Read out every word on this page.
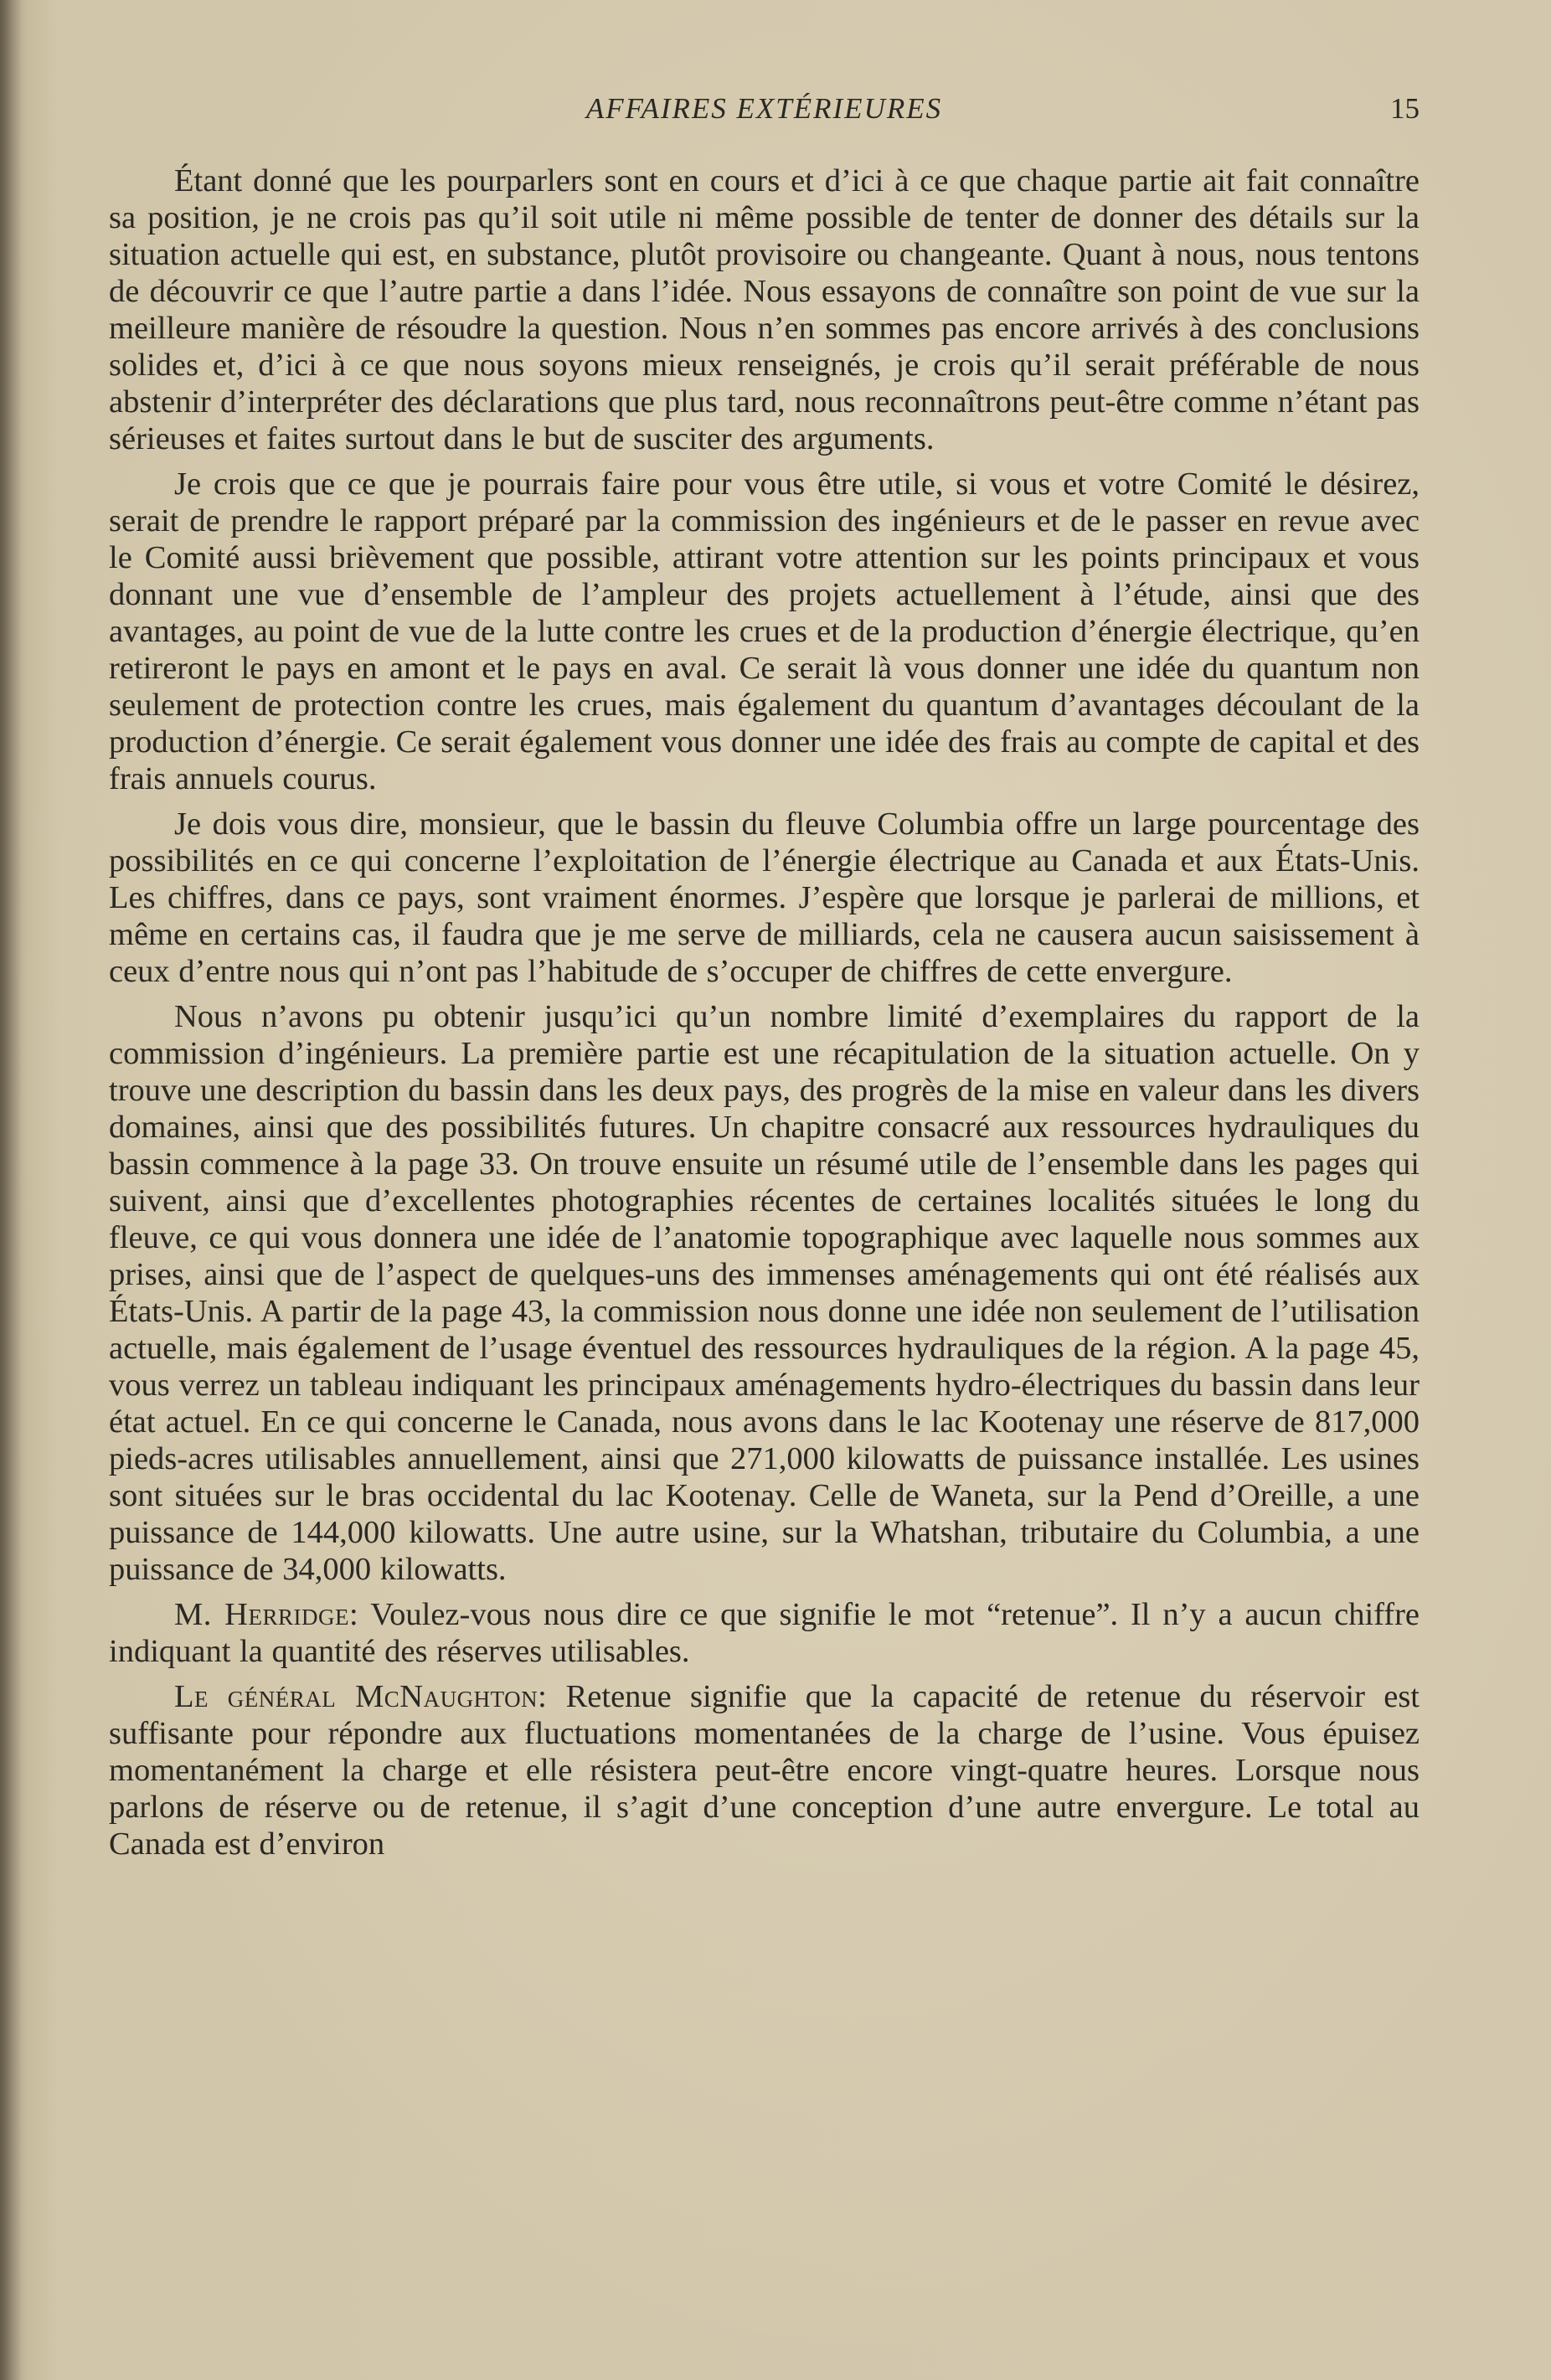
AFFAIRES EXTÉRIEURES	15

Étant donné que les pourparlers sont en cours et d’ici à ce que chaque partie ait fait connaître sa position, je ne crois pas qu’il soit utile ni même possible de tenter de donner des détails sur la situation actuelle qui est, en substance, plutôt provisoire ou changeante. Quant à nous, nous tentons de découvrir ce que l’autre partie a dans l’idée. Nous essayons de connaître son point de vue sur la meilleure manière de résoudre la question. Nous n’en sommes pas encore arrivés à des conclusions solides et, d’ici à ce que nous soyons mieux renseignés, je crois qu’il serait préférable de nous abstenir d’interpréter des déclarations que plus tard, nous reconnaîtrons peut-être comme n’étant pas sérieuses et faites surtout dans le but de susciter des arguments.

Je crois que ce que je pourrais faire pour vous être utile, si vous et votre Comité le désirez, serait de prendre le rapport préparé par la commission des ingénieurs et de le passer en revue avec le Comité aussi brièvement que possible, attirant votre attention sur les points principaux et vous donnant une vue d’ensemble de l’ampleur des projets actuellement à l’étude, ainsi que des avantages, au point de vue de la lutte contre les crues et de la production d’énergie électrique, qu’en retireront le pays en amont et le pays en aval. Ce serait là vous donner une idée du quantum non seulement de protection contre les crues, mais également du quantum d’avantages découlant de la production d’énergie. Ce serait également vous donner une idée des frais au compte de capital et des frais annuels courus.

Je dois vous dire, monsieur, que le bassin du fleuve Columbia offre un large pourcentage des possibilités en ce qui concerne l’exploitation de l’énergie électrique au Canada et aux États-Unis. Les chiffres, dans ce pays, sont vraiment énormes. J’espère que lorsque je parlerai de millions, et même en certains cas, il faudra que je me serve de milliards, cela ne causera aucun saisissement à ceux d’entre nous qui n’ont pas l’habitude de s’occuper de chiffres de cette envergure.

Nous n’avons pu obtenir jusqu’ici qu’un nombre limité d’exemplaires du rapport de la commission d’ingénieurs. La première partie est une récapitulation de la situation actuelle. On y trouve une description du bassin dans les deux pays, des progrès de la mise en valeur dans les divers domaines, ainsi que des possibilités futures. Un chapitre consacré aux ressources hydrauliques du bassin commence à la page 33. On trouve ensuite un résumé utile de l’ensemble dans les pages qui suivent, ainsi que d’excellentes photographies récentes de certaines localités situées le long du fleuve, ce qui vous donnera une idée de l’anatomie topographique avec laquelle nous sommes aux prises, ainsi que de l’aspect de quelques-uns des immenses aménagements qui ont été réalisés aux États-Unis. A partir de la page 43, la commission nous donne une idée non seulement de l’utilisation actuelle, mais également de l’usage éventuel des ressources hydrauliques de la région. A la page 45, vous verrez un tableau indiquant les principaux aménagements hydro-électriques du bassin dans leur état actuel. En ce qui concerne le Canada, nous avons dans le lac Kootenay une réserve de 817,000 pieds-acres utilisables annuellement, ainsi que 271,000 kilowatts de puissance installée. Les usines sont situées sur le bras occidental du lac Kootenay. Celle de Waneta, sur la Pend d’Oreille, a une puissance de 144,000 kilowatts. Une autre usine, sur la Whatshan, tributaire du Columbia, a une puissance de 34,000 kilowatts.

M. Herridge: Voulez-vous nous dire ce que signifie le mot “retenue”. Il n’y a aucun chiffre indiquant la quantité des réserves utilisables.

Le général McNaughton: Retenue signifie que la capacité de retenue du réservoir est suffisante pour répondre aux fluctuations momentanées de la charge de l’usine. Vous épuisez momentanément la charge et elle résistera peut-être encore vingt-quatre heures. Lorsque nous parlons de réserve ou de retenue, il s’agit d’une conception d’une autre envergure. Le total au Canada est d’environ
